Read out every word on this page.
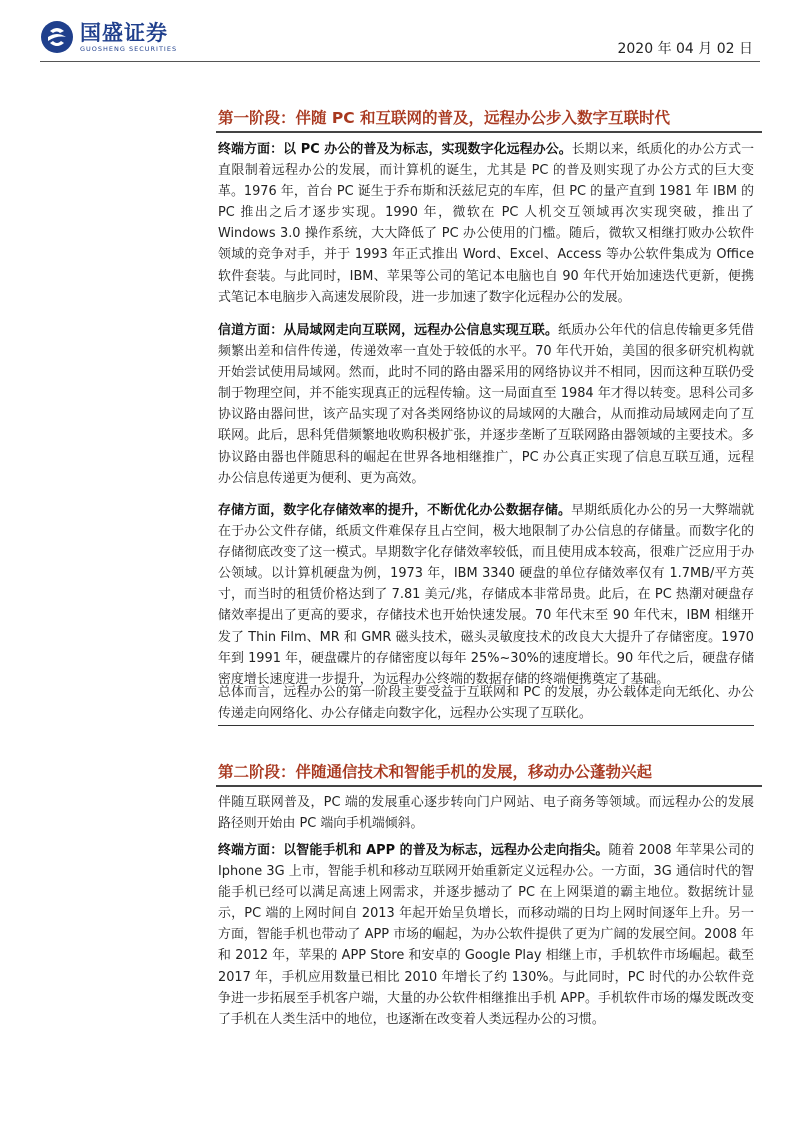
国盛证券
GUOSHENG SECURITIES	2020 年 04 月 02 日
第一阶段：伴随 PC 和互联网的普及，远程办公步入数字互联时代
终端方面：以 PC 办公的普及为标志，实现数字化远程办公。长期以来，纸质化的办公方式一直限制着远程办公的发展，而计算机的诞生，尤其是 PC 的普及则实现了办公方式的巨大变革。1976 年，首台 PC 诞生于乔布斯和沃兹尼克的车库，但 PC 的量产直到 1981 年 IBM 的 PC 推出之后才逐步实现。1990 年，微软在 PC 人机交互领域再次实现突破，推出了 Windows 3.0 操作系统，大大降低了 PC 办公使用的门槛。随后，微软又相继打败办公软件领域的竞争对手，并于 1993 年正式推出 Word、Excel、Access 等办公软件集成为 Office 软件套装。与此同时，IBM、苹果等公司的笔记本电脑也自 90 年代开始加速迭代更新，便携式笔记本电脑步入高速发展阶段，进一步加速了数字化远程办公的发展。
信道方面：从局域网走向互联网，远程办公信息实现互联。纸质办公年代的信息传输更多凭借频繁出差和信件传递，传递效率一直处于较低的水平。70 年代开始，美国的很多研究机构就开始尝试使用局域网。然而，此时不同的路由器采用的网络协议并不相同，因而这种互联仍受制于物理空间，并不能实现真正的远程传输。这一局面直至 1984 年才得以转变。思科公司多协议路由器问世，该产品实现了对各类网络协议的局域网的大融合，从而推动局域网走向了互联网。此后，思科凭借频繁地收购积极扩张，并逐步垄断了互联网路由器领域的主要技术。多协议路由器也伴随思科的崛起在世界各地相继推广，PC 办公真正实现了信息互联互通，远程办公信息传递更为便利、更为高效。
存储方面，数字化存储效率的提升，不断优化办公数据存储。早期纸质化办公的另一大弊端就在于办公文件存储，纸质文件难保存且占空间，极大地限制了办公信息的存储量。而数字化的存储彻底改变了这一模式。早期数字化存储效率较低，而且使用成本较高，很难广泛应用于办公领域。以计算机硬盘为例，1973 年，IBM 3340 硬盘的单位存储效率仅有 1.7MB/平方英寸，而当时的租赁价格达到了 7.81 美元/兆，存储成本非常昂贵。此后，在 PC 热潮对硬盘存储效率提出了更高的要求，存储技术也开始快速发展。70 年代末至 90 年代末，IBM 相继开发了 Thin Film、MR 和 GMR 磁头技术，磁头灵敏度技术的改良大大提升了存储密度。1970 年到 1991 年，硬盘碟片的存储密度以每年 25%~30%的速度增长。90 年代之后，硬盘存储密度增长速度进一步提升，为远程办公终端的数据存储的终端便携奠定了基础。
总体而言，远程办公的第一阶段主要受益于互联网和 PC 的发展，办公载体走向无纸化、办公传递走向网络化、办公存储走向数字化，远程办公实现了互联化。
第二阶段：伴随通信技术和智能手机的发展，移动办公蓬勃兴起
伴随互联网普及，PC 端的发展重心逐步转向门户网站、电子商务等领域。而远程办公的发展路径则开始由 PC 端向手机端倾斜。
终端方面：以智能手机和 APP 的普及为标志，远程办公走向指尖。随着 2008 年苹果公司的 Iphone 3G 上市，智能手机和移动互联网开始重新定义远程办公。一方面，3G 通信时代的智能手机已经可以满足高速上网需求，并逐步撼动了 PC 在上网渠道的霸主地位。数据统计显示，PC 端的上网时间自 2013 年起开始呈负增长，而移动端的日均上网时间逐年上升。另一方面，智能手机也带动了 APP 市场的崛起，为办公软件提供了更为广阔的发展空间。2008 年和 2012 年，苹果的 APP Store 和安卓的 Google Play 相继上市，手机软件市场崛起。截至 2017 年，手机应用数量已相比 2010 年增长了约 130%。与此同时，PC 时代的办公软件竞争进一步拓展至手机客户端，大量的办公软件相继推出手机 APP。手机软件市场的爆发既改变了手机在人类生活中的地位，也逐渐在改变着人类远程办公的习惯。
